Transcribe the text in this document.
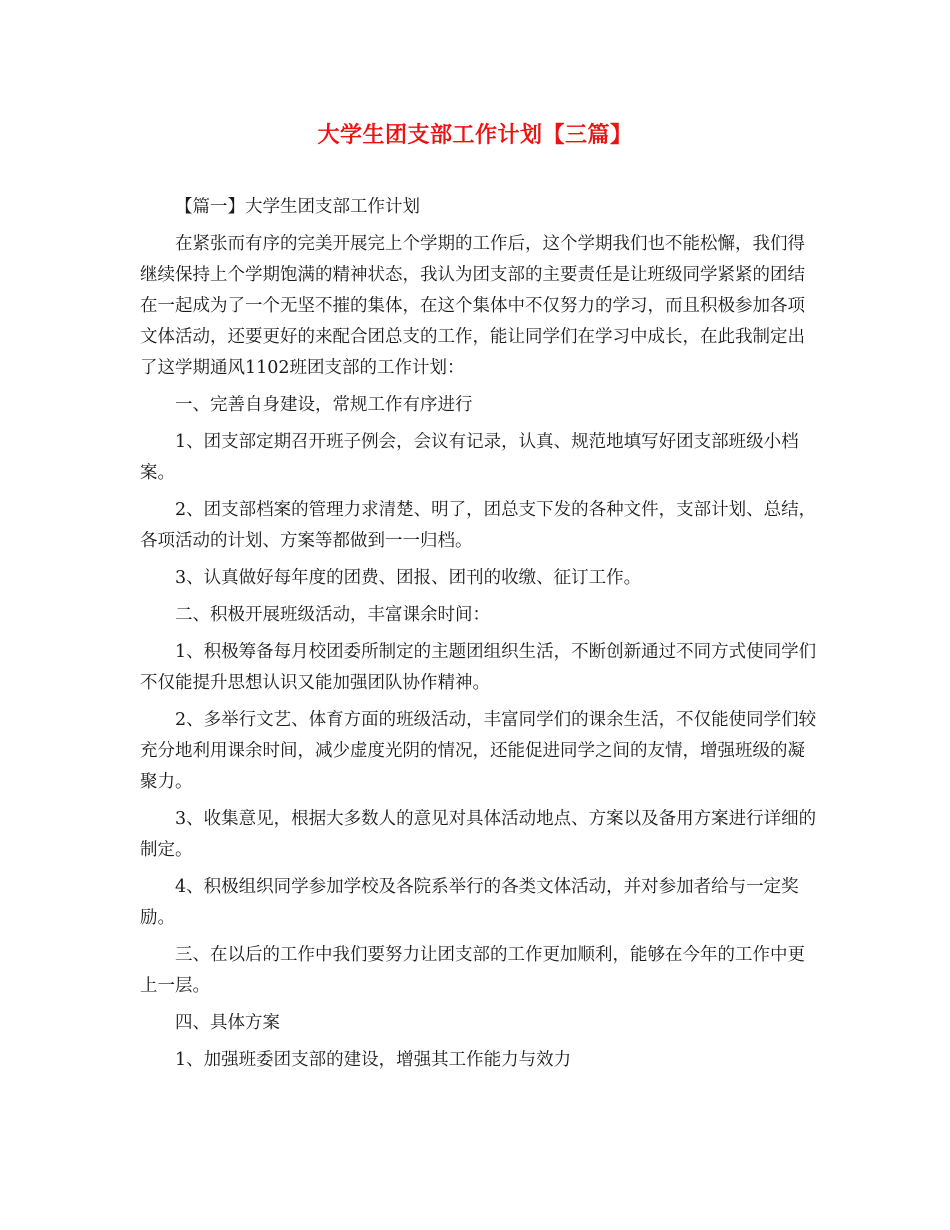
大学生团支部工作计划【三篇】

【篇一】大学生团支部工作计划

在紧张而有序的完美开展完上个学期的工作后，这个学期我们也不能松懈，我们得继续保持上个学期饱满的精神状态，我认为团支部的主要责任是让班级同学紧紧的团结在一起成为了一个无坚不摧的集体，在这个集体中不仅努力的学习，而且积极参加各项文体活动，还要更好的来配合团总支的工作，能让同学们在学习中成长，在此我制定出了这学期通风1102班团支部的工作计划：

一、完善自身建设，常规工作有序进行

1、团支部定期召开班子例会，会议有记录，认真、规范地填写好团支部班级小档案。

2、团支部档案的管理力求清楚、明了，团总支下发的各种文件，支部计划、总结，各项活动的计划、方案等都做到一一归档。

3、认真做好每年度的团费、团报、团刊的收缴、征订工作。

二、积极开展班级活动，丰富课余时间：

1、积极筹备每月校团委所制定的主题团组织生活，不断创新通过不同方式使同学们不仅能提升思想认识又能加强团队协作精神。

2、多举行文艺、体育方面的班级活动，丰富同学们的课余生活，不仅能使同学们较充分地利用课余时间，减少虚度光阴的情况，还能促进同学之间的友情，增强班级的凝聚力。

3、收集意见，根据大多数人的意见对具体活动地点、方案以及备用方案进行详细的制定。

4、积极组织同学参加学校及各院系举行的各类文体活动，并对参加者给与一定奖励。

三、在以后的工作中我们要努力让团支部的工作更加顺利，能够在今年的工作中更上一层。

四、具体方案

1、加强班委团支部的建设，增强其工作能力与效力
